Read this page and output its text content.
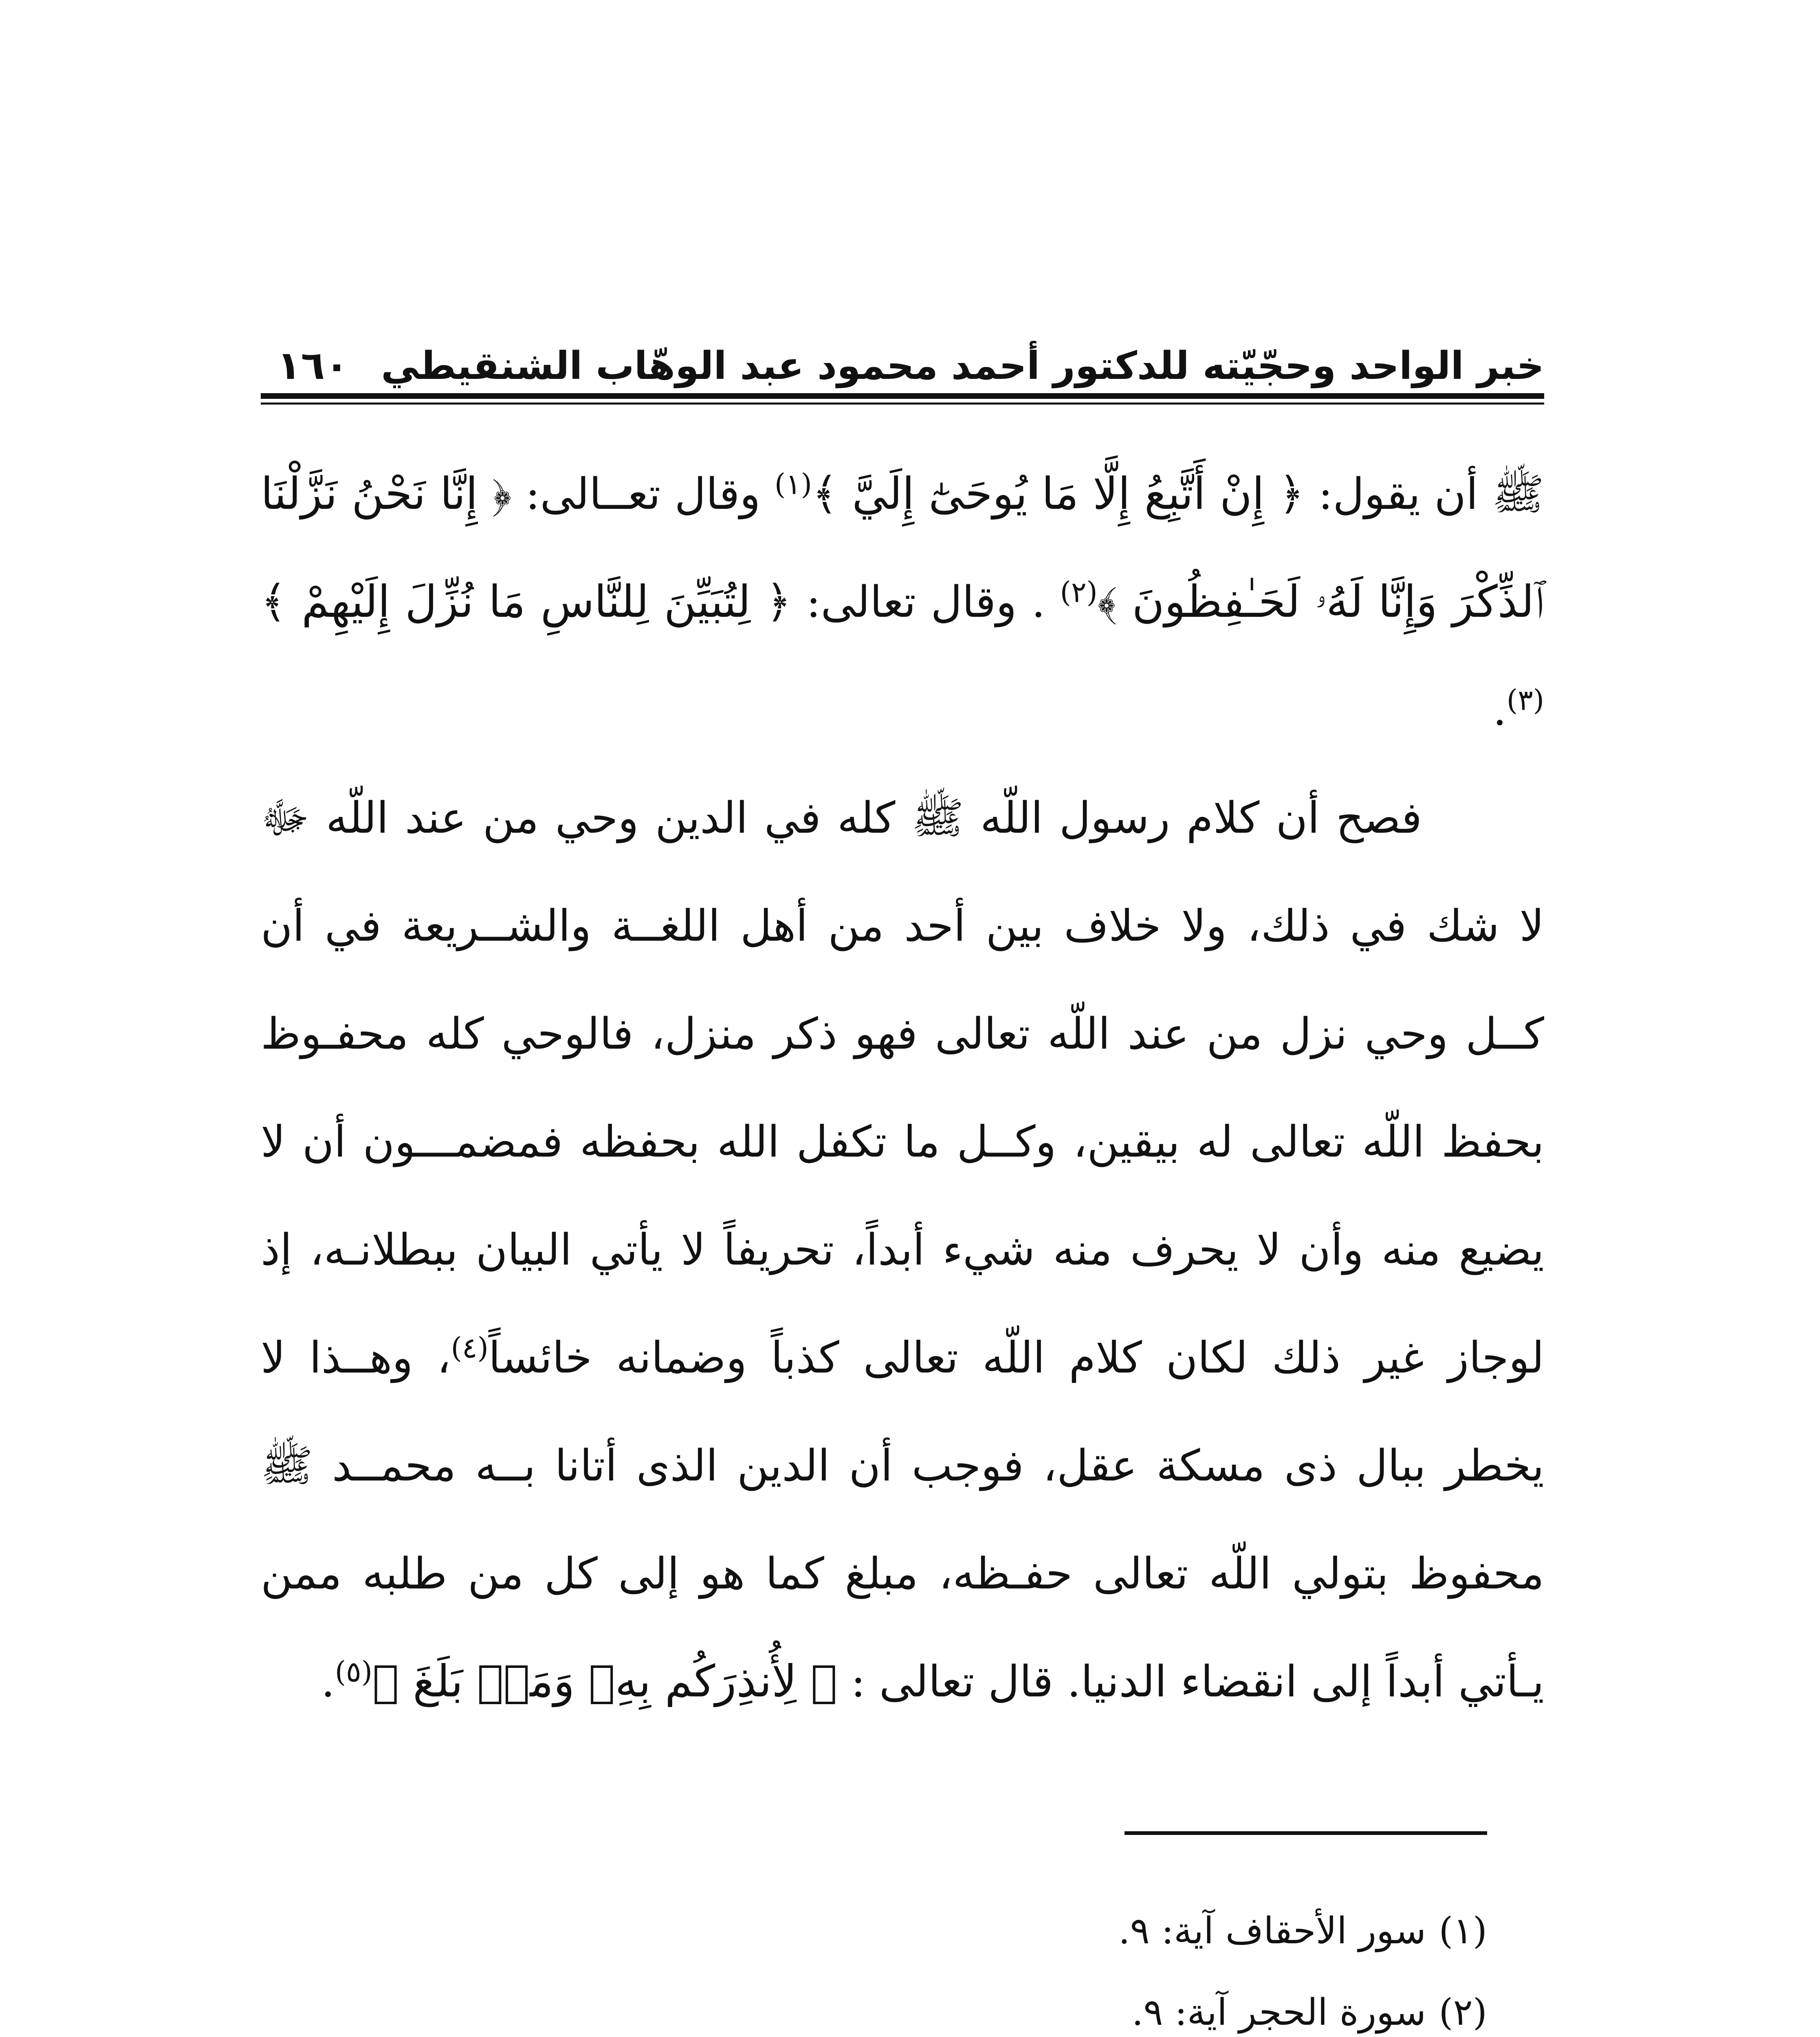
خبر الواحد وحجّيّته للدكتور أحمد محمود عبد الوهّاب الشنقيطي
١٦٠

ﷺ أن يقول: ﴿ إِنْ أَتَّبِعُ إِلَّا مَا يُوحَىٰٓ إِلَيَّ ﴾$^{(١)}$ وقال تعــالى: ﴿ إِنَّا نَحْنُ نَزَّلْنَا ٱلذِّكْرَ وَإِنَّا لَهُۥ لَحَـٰفِظُونَ ﴾$^{(٢)}$ . وقال تعالى: ﴿ لِتُبَيِّنَ لِلنَّاسِ مَا نُزِّلَ إِلَيْهِمْ ﴾$^{(٣)}$.

فصح أن كلام رسول اللّه ﷺ كله في الدين وحي من عند اللّه ﷻ لا شك في ذلك، ولا خلاف بين أحد من أهل اللغــة والشــريعة في أن كــل وحي نزل من عند اللّه تعالى فهو ذكر منزل، فالوحي كله محفـوظ بحفظ اللّه تعالى له بيقين، وكــل ما تكفل الله بحفظه فمضمـــون أن لا يضيع منه وأن لا يحرف منه شيء أبداً، تحريفاً لا يأتي البيان ببطلانـه، إذ لوجاز غير ذلك لكان كلام اللّه تعالى كذباً وضمانه خائساً$^{(٤)}$، وهــذا لا يخطر ببال ذى مسكة عقل، فوجب أن الدين الذى أتانا بــه محمــد ﷺ محفوظ بتولي اللّه تعالى حفـظه، مبلغ كما هو إلى كل من طلبه ممن يـأتي أبداً إلى انقضاء الدنيا. قال تعالى : ﴿ لِأُنذِرَكُم بِهِۦ وَمَنۢ بَلَغَ ﴾$^{(٥)}$.

(١)سور الأحقاف آية: ٩.
(٢)سورة الحجر آية: ٩.
